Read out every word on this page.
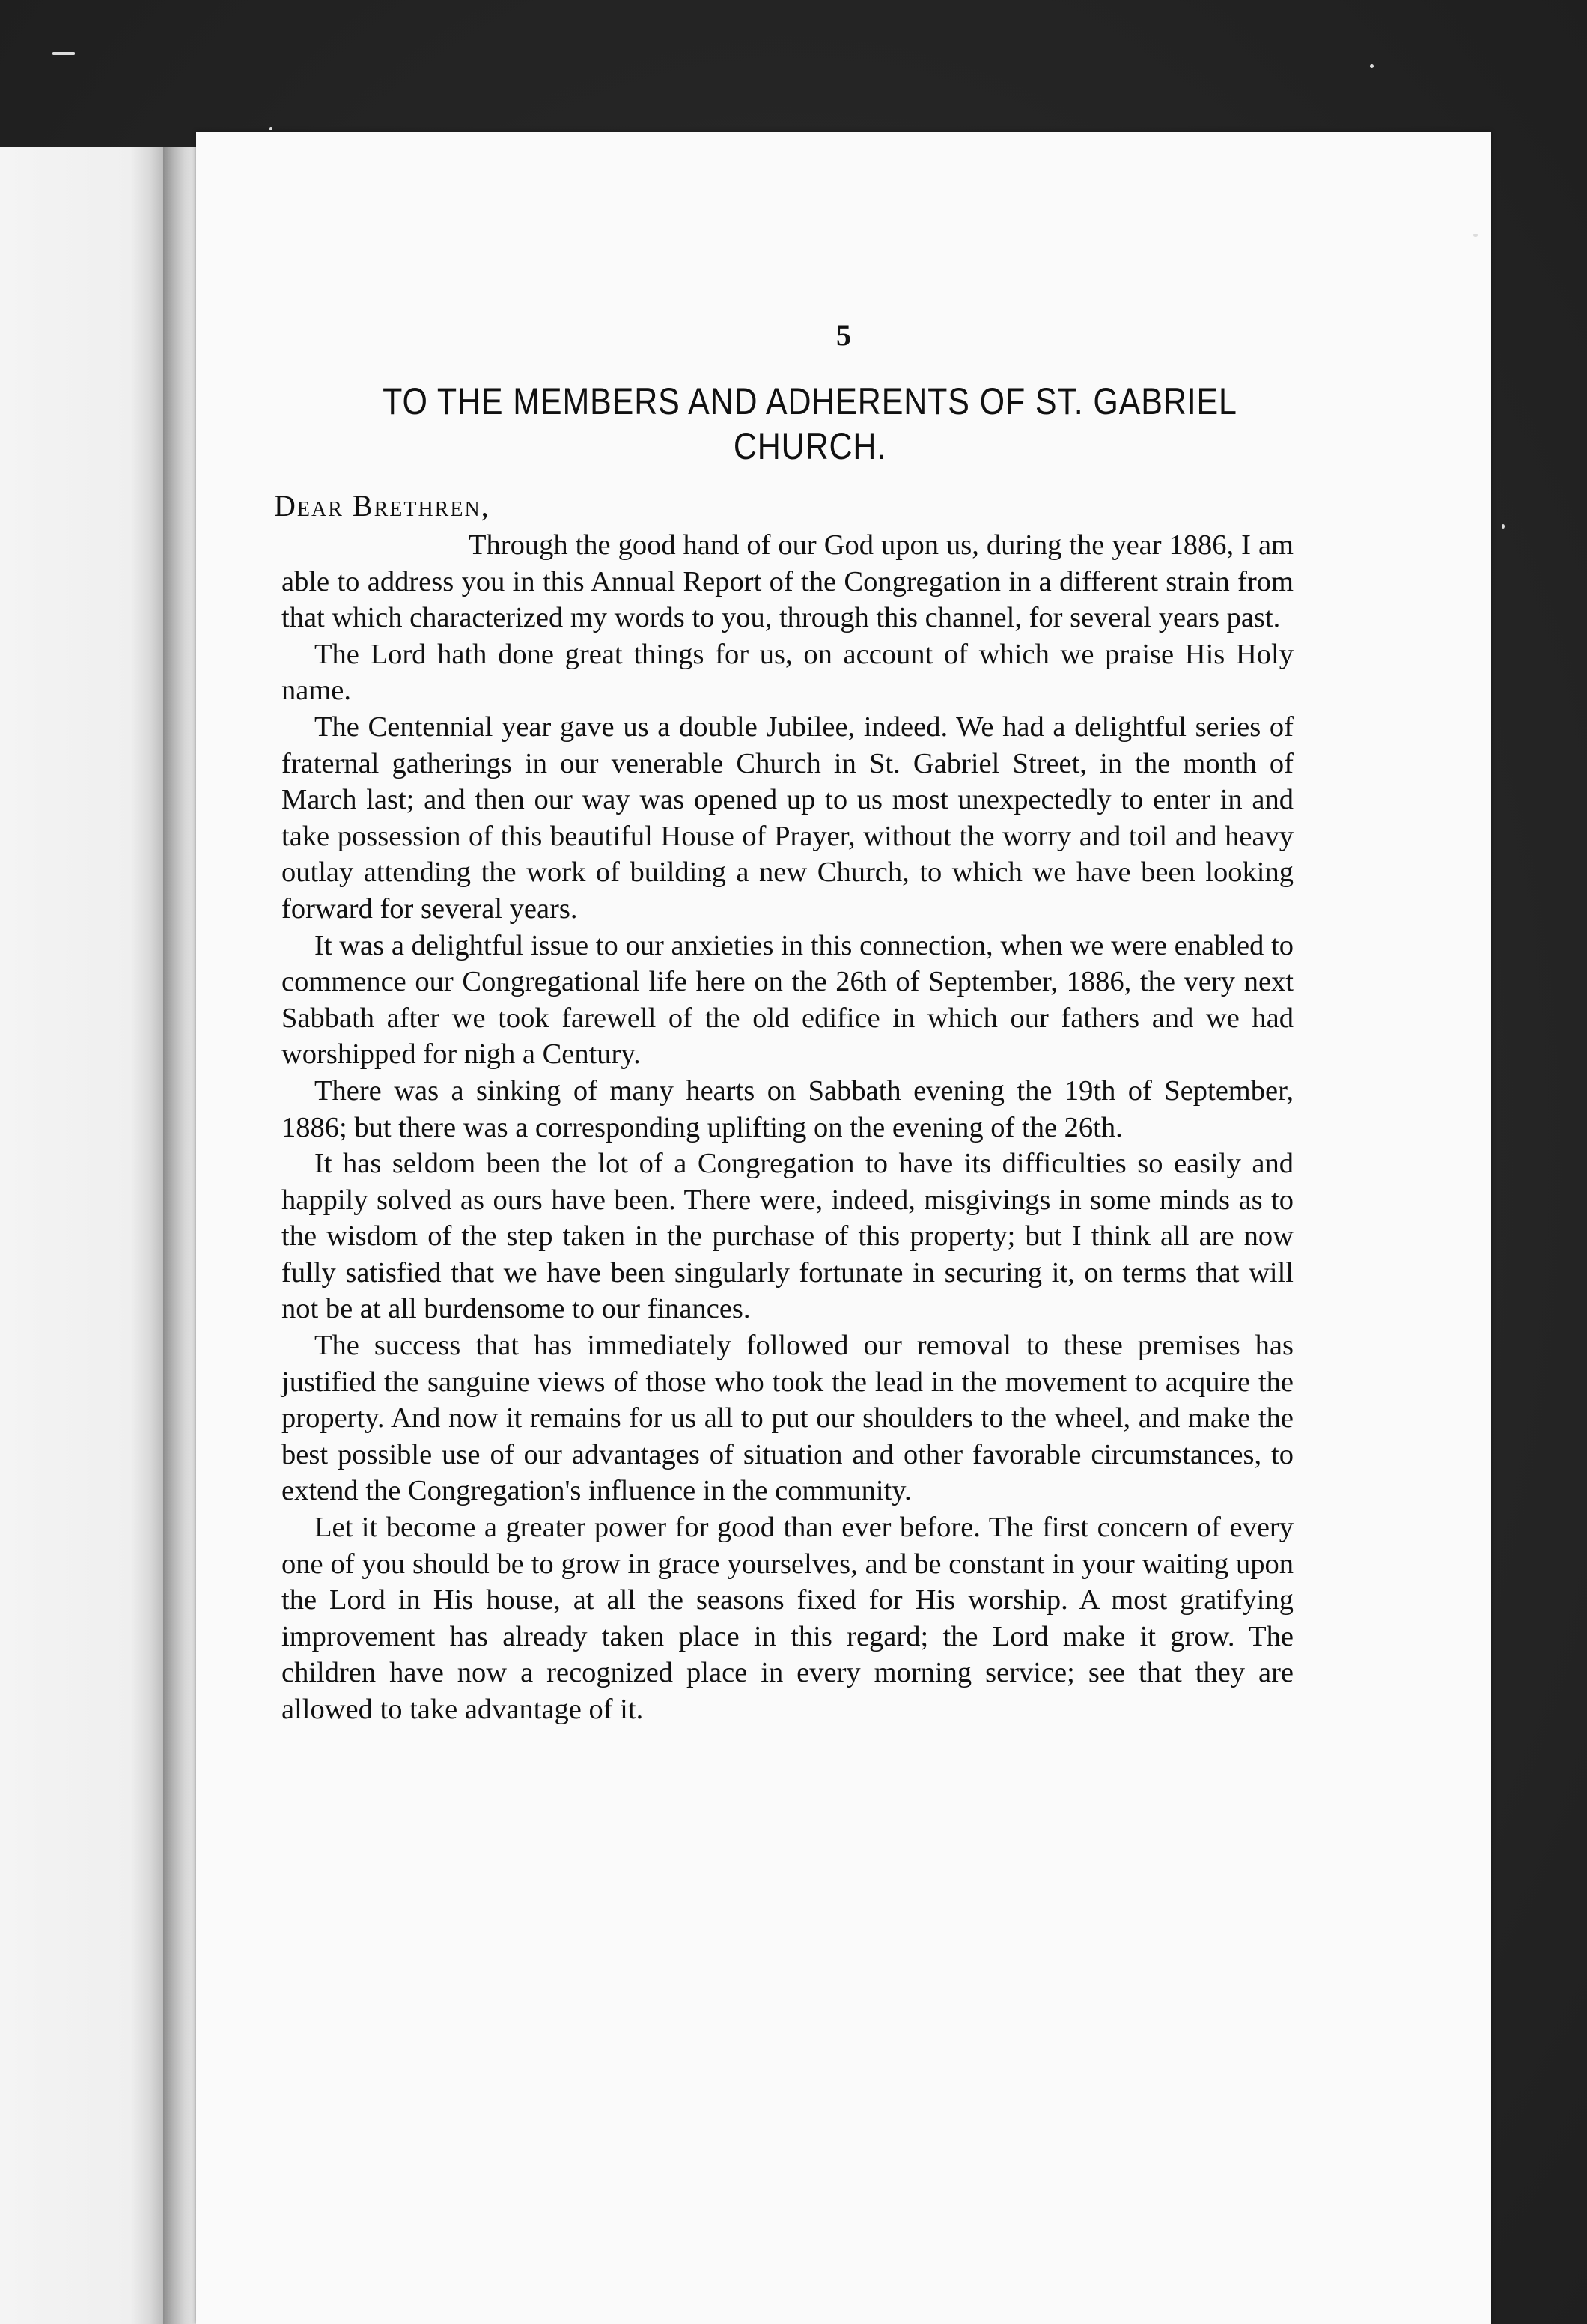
5
TO THE MEMBERS AND ADHERENTS OF ST. GABRIEL
CHURCH.
Dear Brethren,

Through the good hand of our God upon us, during the year 1886, I am able to address you in this Annual Report of the Congregation in a different strain from that which characterized my words to you, through this channel, for several years past.

The Lord hath done great things for us, on account of which we praise His Holy name.

The Centennial year gave us a double Jubilee, indeed. We had a delightful series of fraternal gatherings in our venerable Church in St. Gabriel Street, in the month of March last; and then our way was opened up to us most unexpectedly to enter in and take possession of this beautiful House of Prayer, without the worry and toil and heavy outlay attending the work of building a new Church, to which we have been looking forward for several years.

It was a delightful issue to our anxieties in this connection, when we were enabled to commence our Congregational life here on the 26th of September, 1886, the very next Sabbath after we took farewell of the old edifice in which our fathers and we had worshipped for nigh a Century.

There was a sinking of many hearts on Sabbath evening the 19th of September, 1886; but there was a corresponding uplifting on the evening of the 26th.

It has seldom been the lot of a Congregation to have its difficulties so easily and happily solved as ours have been. There were, indeed, misgivings in some minds as to the wisdom of the step taken in the purchase of this property; but I think all are now fully satisfied that we have been singularly fortunate in securing it, on terms that will not be at all burdensome to our finances.

The success that has immediately followed our removal to these premises has justified the sanguine views of those who took the lead in the movement to acquire the property. And now it remains for us all to put our shoulders to the wheel, and make the best possible use of our advantages of situation and other favorable circumstances, to extend the Congregation's influence in the community.

Let it become a greater power for good than ever before. The first concern of every one of you should be to grow in grace yourselves, and be constant in your waiting upon the Lord in His house, at all the seasons fixed for His worship. A most gratifying improvement has already taken place in this regard; the Lord make it grow. The children have now a recognized place in every morning service; see that they are allowed to take advantage of it.
